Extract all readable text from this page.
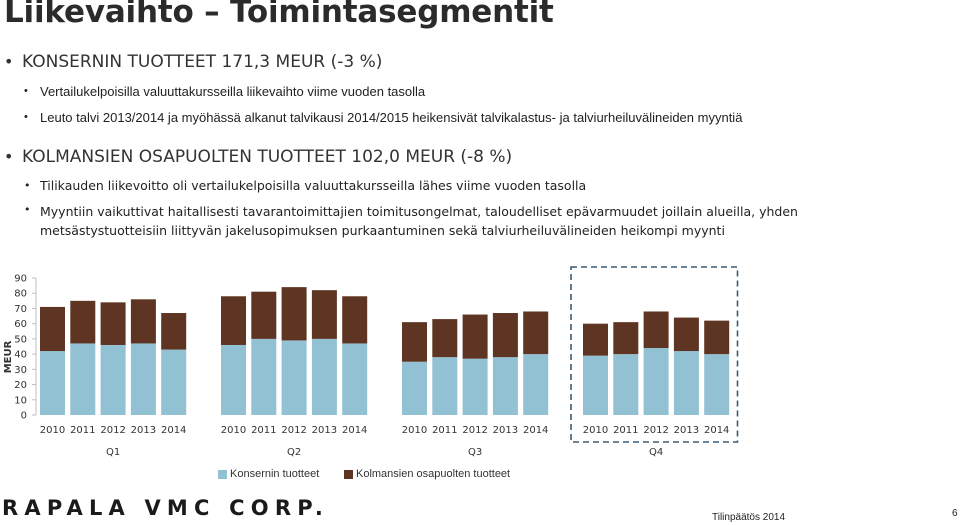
Liikevaihto – Toimintasegmentit
• KONSERNIN TUOTTEET 171,3 MEUR (-3 %)
• Vertailukelpoisilla valuuttakursseilla liikevaihto viime vuoden tasolla
• Leuto talvi 2013/2014 ja myöhässä alkanut talvikausi 2014/2015 heikensivät talvikalastus- ja talviurheiluvälineiden myyntiä
• KOLMANSIEN OSAPUOLTEN TUOTTEET 102,0 MEUR (-8 %)
• Tilikauden liikevoitto oli vertailukelpoisilla valuuttakursseilla lähes viime vuoden tasolla
• Myyntiin vaikuttivat haitallisesti tavarantoimittajien toimitusongelmat, taloudelliset epävarmuudet joillain alueilla, yhden metsästystuotteisiin liittyvän jakelusopimuksen purkaantuminen sekä talviurheiluvälineiden heikompi myynti
0
10
20
30
40
50
60
70
80
90
MEUR
2010 2011 2012 2013 2014
Q1
2010 2011 2012 2013 2014
Q2
2010 2011 2012 2013 2014
Q3
2010 2011 2012 2013 2014
Q4
Konsernin tuotteet	Kolmansien osapuolten tuotteet
RAPALA VMC CORP.	Tilinpäätös 2014	6
